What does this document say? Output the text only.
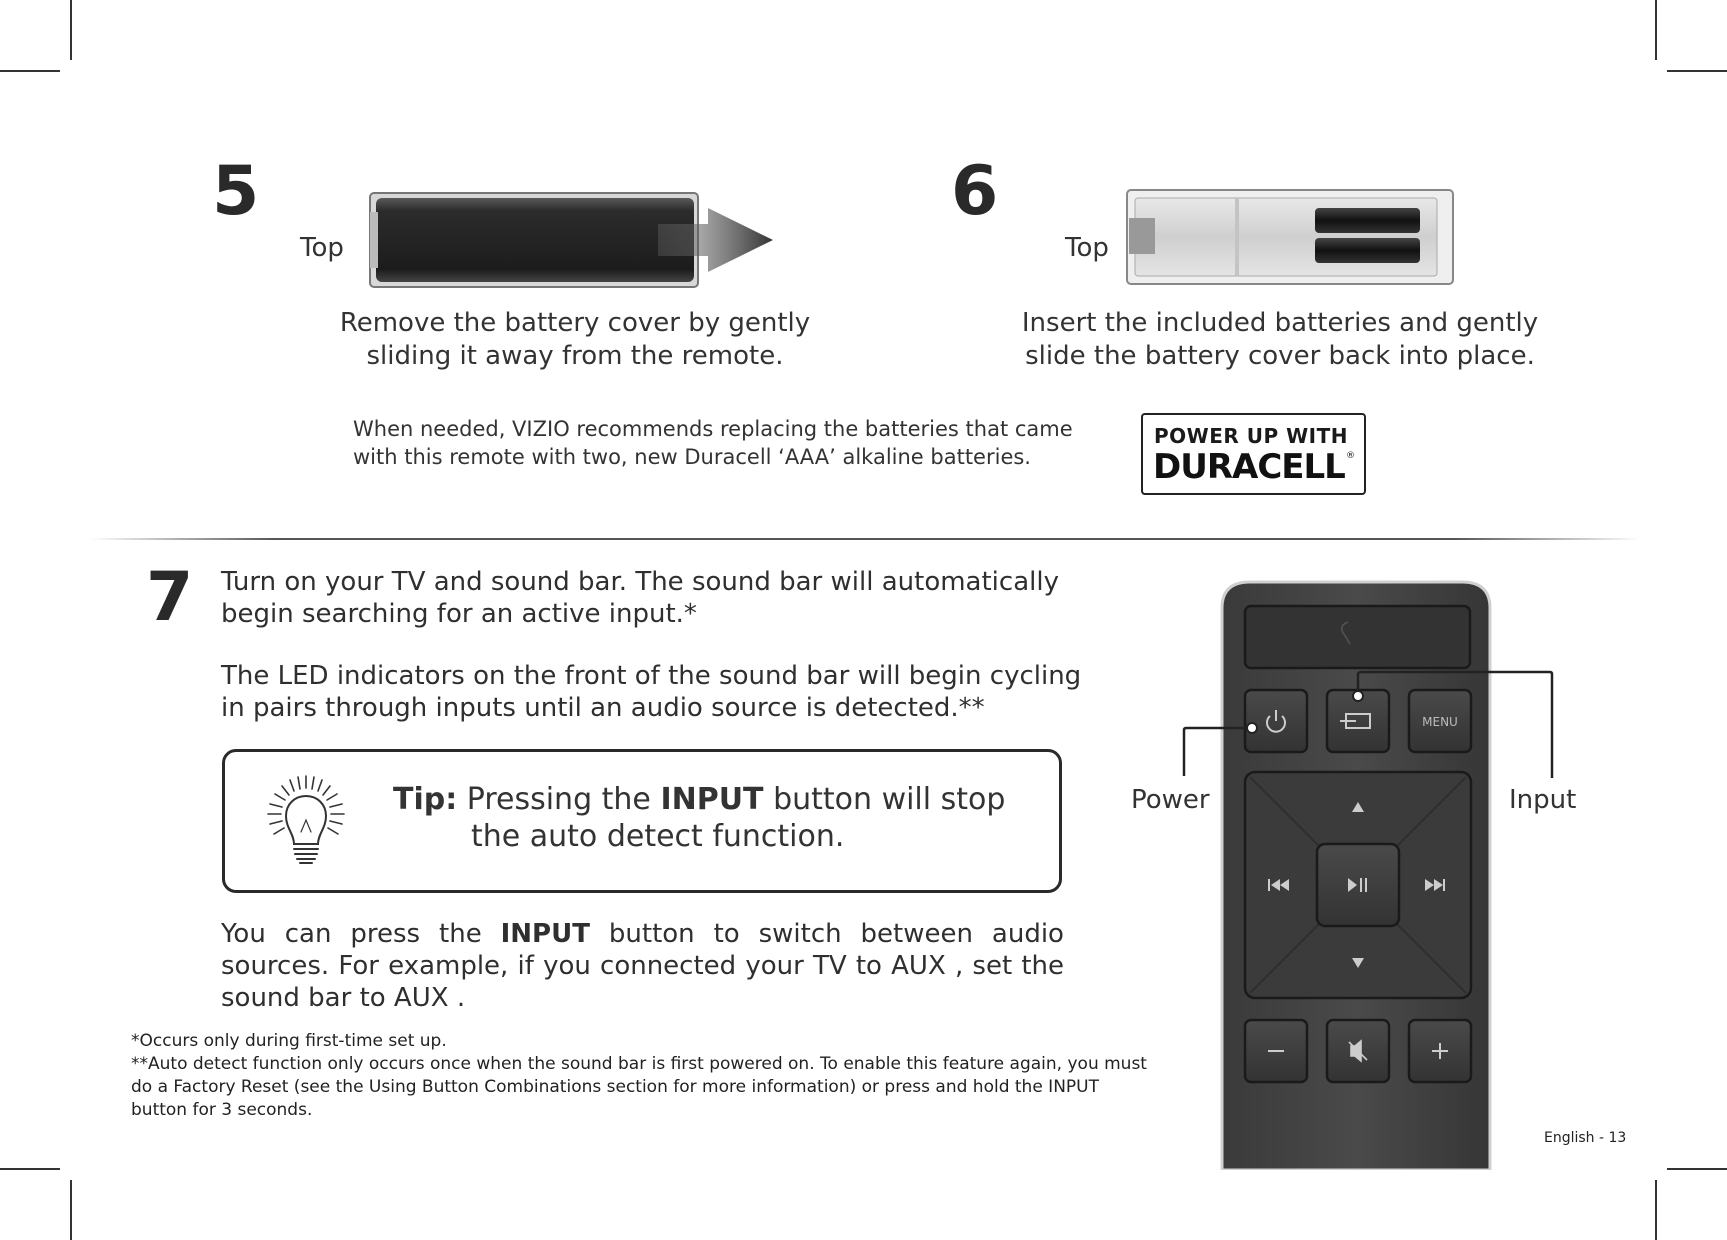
5
Top
Remove the battery cover by gently
sliding it away from the remote.
6
Top
Insert the included batteries and gently
slide the battery cover back into place.
When needed, VIZIO recommends replacing the batteries that came
with this remote with two, new Duracell ‘AAA’ alkaline batteries.
POWER UP WITH
DURACELL ®
7 Turn on your TV and sound bar. The sound bar will automatically
begin searching for an active input.*
The LED indicators on the front of the sound bar will begin cycling
in pairs through inputs until an audio source is detected.**
Tip: Pressing the INPUT button will stop
the auto detect function.
You can press the INPUT button to switch between audio
sources. For example, if you connected your TV to AUX , set the
sound bar to AUX .
*Occurs only during first-time set up.
**Auto detect function only occurs once when the sound bar is first powered on. To enable this feature again, you must
do a Factory Reset (see the Using Button Combinations section for more information) or press and hold the INPUT
button for 3 seconds.
MENU
Power	Input
English - 13
